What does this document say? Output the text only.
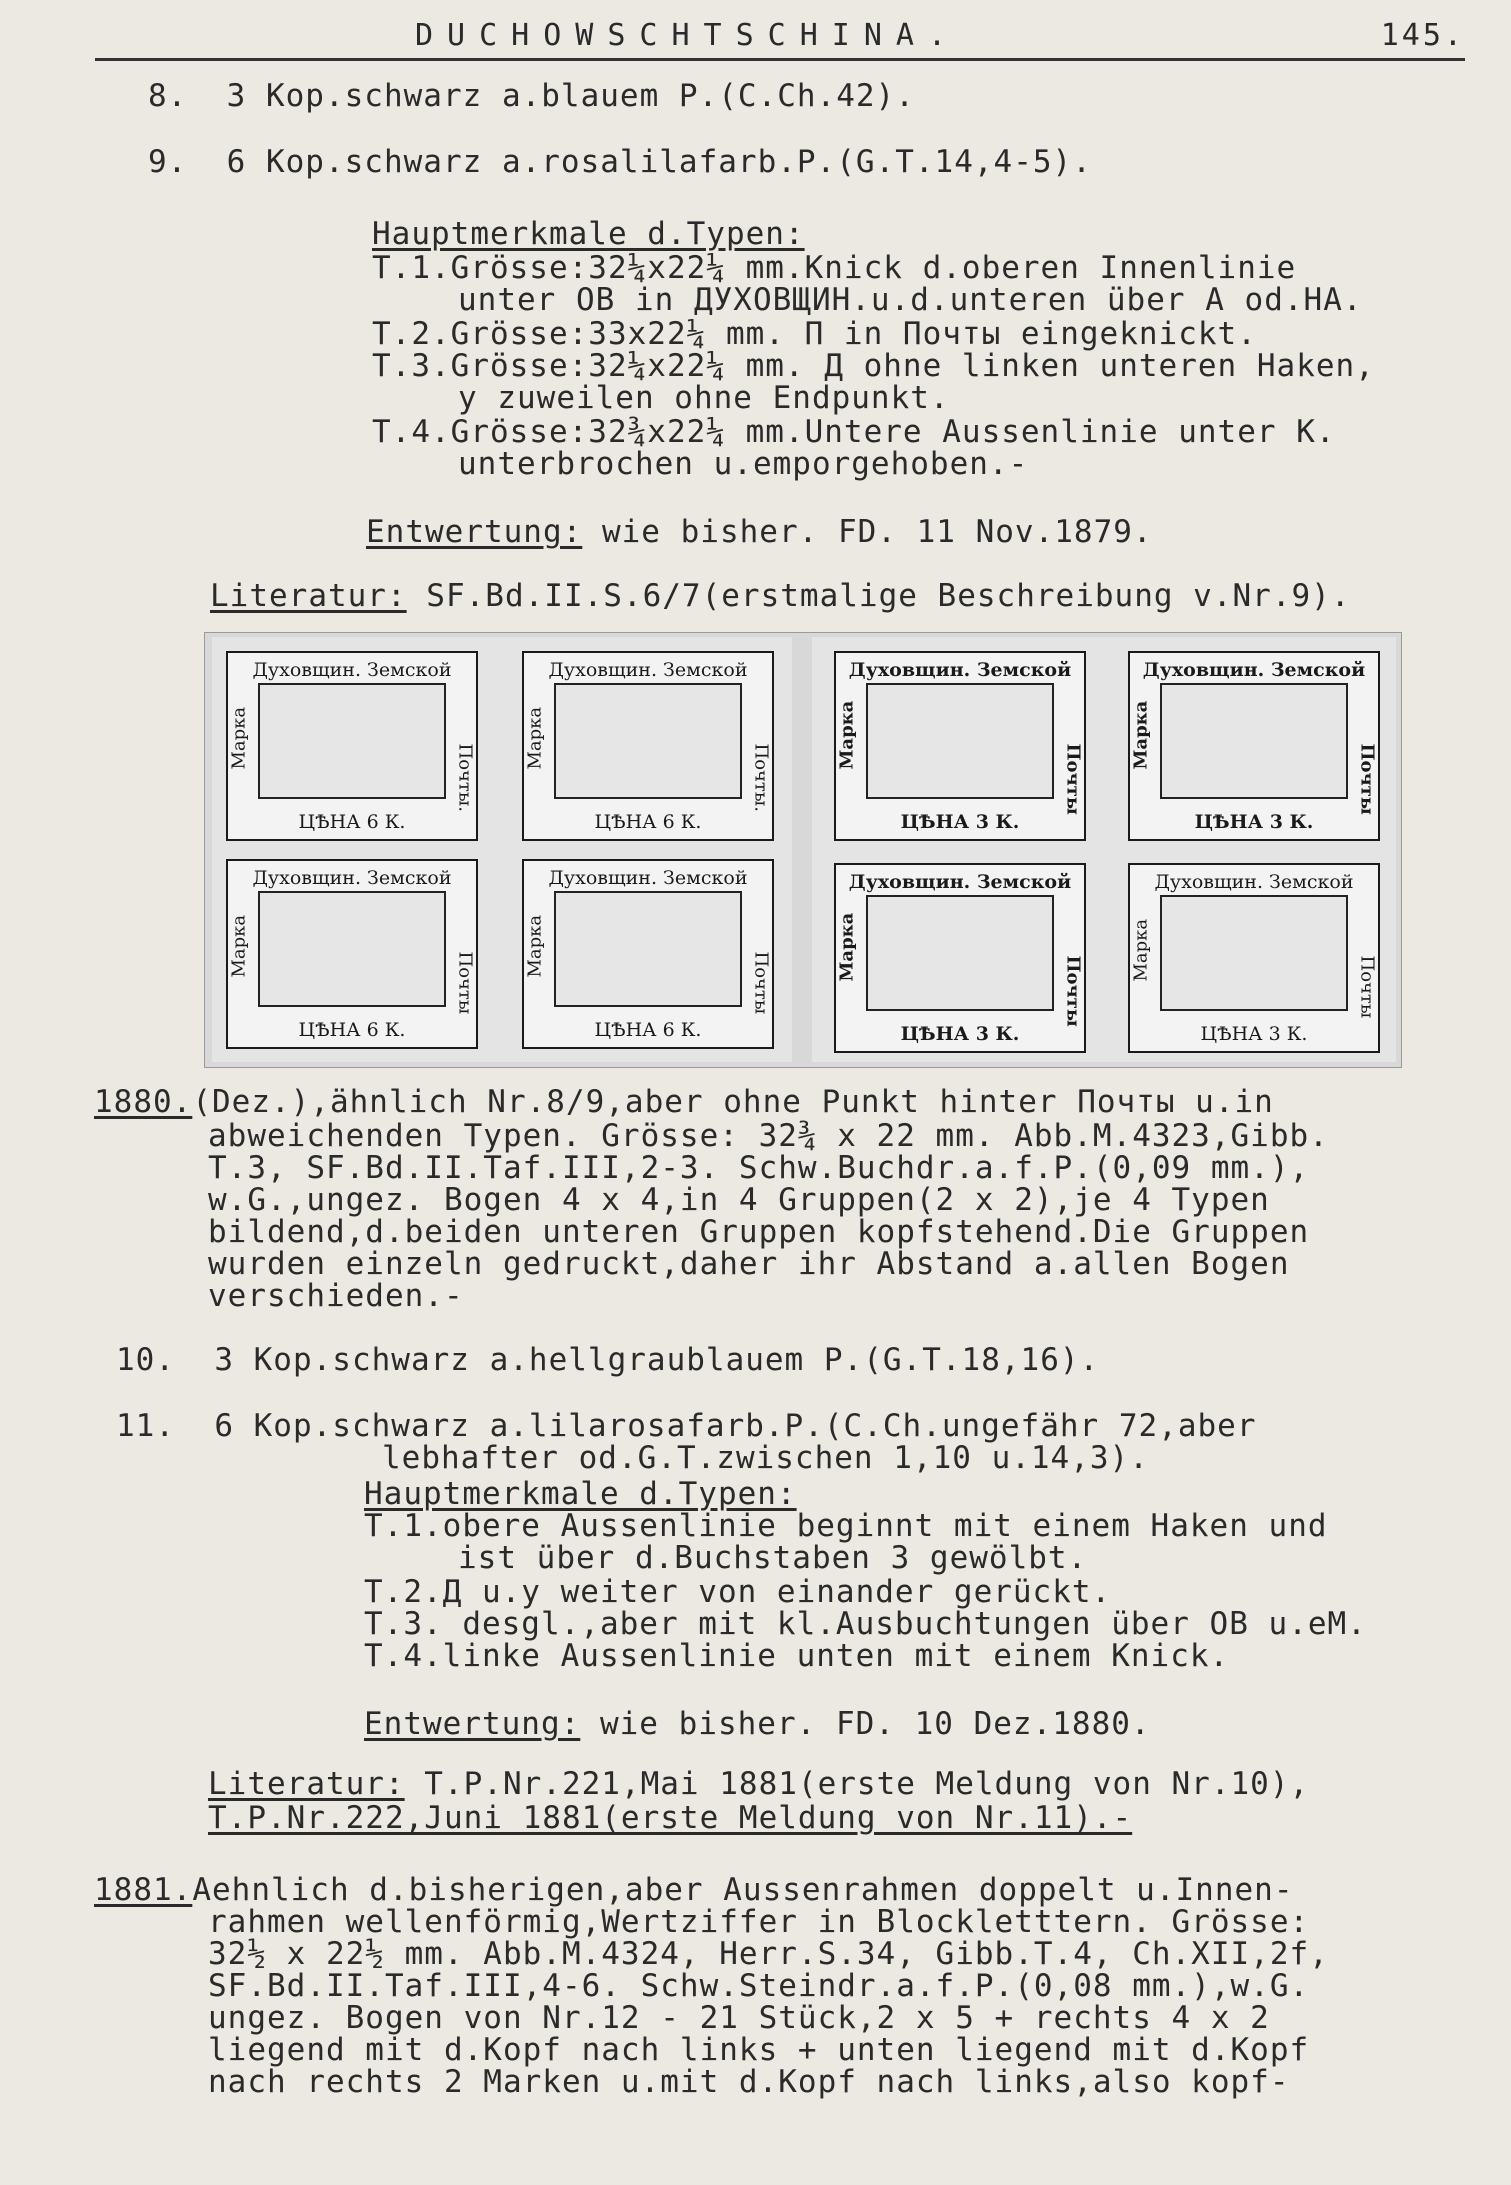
DUCHOWSCHTSCHINA.	145.
8.  3 Kop.schwarz a.blauem P.(C.Ch.42).
9.  6 Kop.schwarz a.rosalilafarb.P.(G.T.14,4-5).
Hauptmerkmale d.Typen:
T.1.Grösse:32¼x22¼ mm.Knick d.oberen Innenlinie
unter OB in ДУХОВЩИН.u.d.unteren über A od.HA.
T.2.Grösse:33x22¼ mm. П in Почты eingeknickt.
T.3.Grösse:32¼x22¼ mm. Д ohne linken unteren Haken,
y zuweilen ohne Endpunkt.
T.4.Grösse:32¾x22¼ mm.Untere Aussenlinie unter K.
unterbrochen u.emporgehoben.-
Entwertung: wie bisher. FD. 11 Nov.1879.
Literatur: SF.Bd.II.S.6/7(erstmalige Beschreibung v.Nr.9).
Духовщин. Земской
ЦѢНА 6 К.
Марка
Почты.
Духовщин. Земской
ЦѢНА 6 К.
Марка
Почты.
Духовщин. Земской
ЦѢНА 6 К.
Марка
Почты
Духовщин. Земской
ЦѢНА 6 К.
Марка
Почты
Духовщин. Земской
ЦѢНА 3 К.
Марка
Почты
Духовщин. Земской
ЦѢНА 3 К.
Марка
Почты
Духовщин. Земской
ЦѢНА 3 К.
Марка
Почты
Духовщин. Земской
ЦѢНА 3 К.
Марка
Почты
1880.(Dez.),ähnlich Nr.8/9,aber ohne Punkt hinter Почты u.in
abweichenden Typen. Grösse: 32¾ x 22 mm. Abb.M.4323,Gibb.
T.3, SF.Bd.II.Taf.III,2-3. Schw.Buchdr.a.f.P.(0,09 mm.),
w.G.,ungez. Bogen 4 x 4,in 4 Gruppen(2 x 2),je 4 Typen
bildend,d.beiden unteren Gruppen kopfstehend.Die Gruppen
wurden einzeln gedruckt,daher ihr Abstand a.allen Bogen
verschieden.-
10.  3 Kop.schwarz a.hellgraublauem P.(G.T.18,16).
11.  6 Kop.schwarz a.lilarosafarb.P.(C.Ch.ungefähr 72,aber
lebhafter od.G.T.zwischen 1,10 u.14,3).
Hauptmerkmale d.Typen:
T.1.obere Aussenlinie beginnt mit einem Haken und
ist über d.Buchstaben З gewölbt.
T.2.Д u.y weiter von einander gerückt.
T.3. desgl.,aber mit kl.Ausbuchtungen über OB u.eM.
T.4.linke Aussenlinie unten mit einem Knick.
Entwertung: wie bisher. FD. 10 Dez.1880.
Literatur: T.P.Nr.221,Mai 1881(erste Meldung von Nr.10),
T.P.Nr.222,Juni 1881(erste Meldung von Nr.11).-
1881.Aehnlich d.bisherigen,aber Aussenrahmen doppelt u.Innen-
rahmen wellenförmig,Wertziffer in Blockletttern. Grösse:
32½ x 22½ mm. Abb.M.4324, Herr.S.34, Gibb.T.4, Ch.XII,2f,
SF.Bd.II.Taf.III,4-6. Schw.Steindr.a.f.P.(0,08 mm.),w.G.
ungez. Bogen von Nr.12 - 21 Stück,2 x 5 + rechts 4 x 2
liegend mit d.Kopf nach links + unten liegend mit d.Kopf
nach rechts 2 Marken u.mit d.Kopf nach links,also kopf-
